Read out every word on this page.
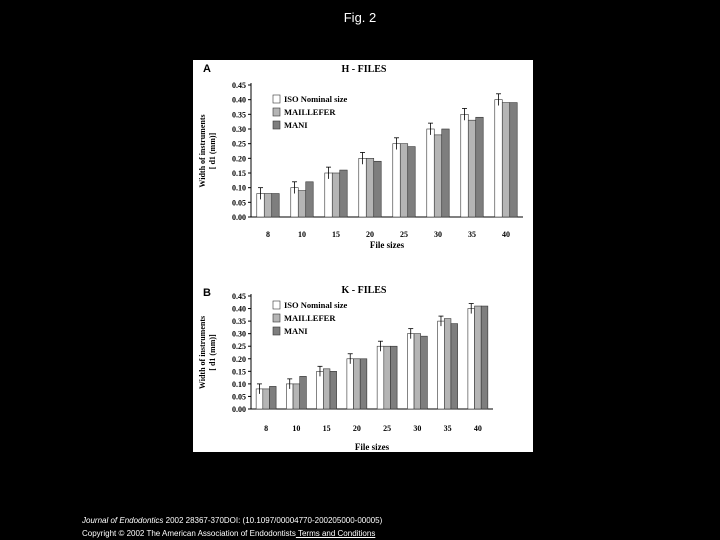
Fig. 2
A	H - FILES
0.00
0.05
0.10
0.15
0.20
0.25
0.30
0.35
0.40
0.45
Width of instruments [ d1 (mm)]
8	10	15	20	25	30	35	40
File sizes
ISO Nominal size
MAILLEFER
MANI
B	K - FILES
0.00
0.05
0.10
0.15
0.20
0.25
0.30
0.35
0.40
0.45
Width of instruments [ d1 (mm)]
8	10	15	20	25	30	35	40
File sizes
ISO Nominal size
MAILLEFER
MANI
Journal of Endodontics 2002 28367-370DOI: (10.1097/00004770-200205000-00005)
Copyright © 2002 The American Association of Endodontists Terms and Conditions
